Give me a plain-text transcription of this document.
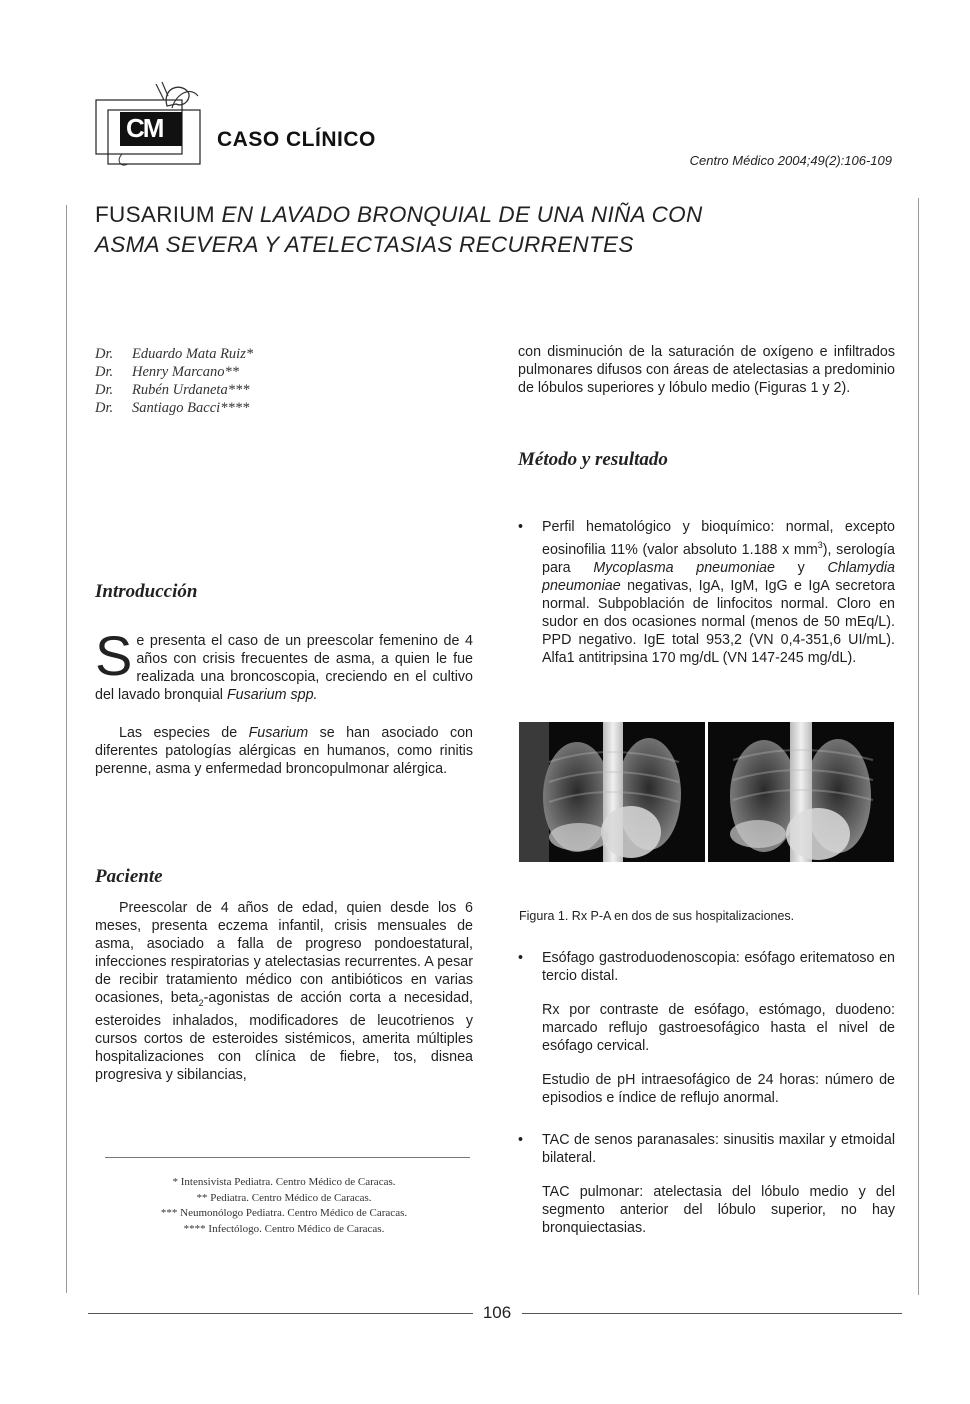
CM	CASO CLÍNICO
Centro Médico 2004;49(2):106-109
FUSARIUM EN LAVADO BRONQUIAL DE UNA NIÑA CON
ASMA SEVERA Y ATELECTASIAS RECURRENTES
Dr.	Eduardo Mata Ruiz*
Dr.	Henry Marcano**
Dr.	Rubén Urdaneta***
Dr.	Santiago Bacci****
Introducción

Se presenta el caso de un preescolar femenino de 4 años con crisis frecuentes de asma, a quien le fue realizada una broncoscopia, creciendo en el cultivo del lavado bronquial Fusarium spp.

Las especies de Fusarium se han asociado con diferentes patologías alérgicas en humanos, como rinitis perenne, asma y enfermedad broncopulmonar alérgica.

Paciente

Preescolar de 4 años de edad, quien desde los 6 meses, presenta eczema infantil, crisis mensuales de asma, asociado a falla de progreso pondoestatural, infecciones respiratorias y atelectasias recurrentes. A pesar de recibir tratamiento médico con antibióticos en varias ocasiones, beta$_2$-agonistas de acción corta a necesidad, esteroides inhalados, modificadores de leucotrienos y cursos cortos de esteroides sistémicos, amerita múltiples hospitalizaciones con clínica de fiebre, tos, disnea progresiva y sibilancias,

* Intensivista Pediatra. Centro Médico de Caracas.
** Pediatra. Centro Médico de Caracas.
*** Neumonólogo Pediatra. Centro Médico de Caracas.
**** Infectólogo. Centro Médico de Caracas.

con disminución de la saturación de oxígeno e infiltrados pulmonares difusos con áreas de atelectasias a predominio de lóbulos superiores y lóbulo medio (Figuras 1 y 2).

Método y resultado

• Perfil hematológico y bioquímico: normal, excepto eosinofilia 11% (valor absoluto 1.188 x $mm^3$), serología para Mycoplasma pneumoniae y Chlamydia pneumoniae negativas, IgA, IgM, IgG e IgA secretora normal. Subpoblación de linfocitos normal. Cloro en sudor en dos ocasiones normal (menos de 50 mEq/L). PPD negativo. IgE total 953,2 (VN 0,4-351,6 UI/mL). Alfa1 antitripsina 170 mg/dL (VN 147-245 mg/dL).

Figura 1. Rx P-A en dos de sus hospitalizaciones.

• Esófago gastroduodenoscopia: esófago eritematoso en tercio distal.

Rx por contraste de esófago, estómago, duodeno: marcado reflujo gastroesofágico hasta el nivel de esófago cervical.

Estudio de pH intraesofágico de 24 horas: número de episodios e índice de reflujo anormal.

• TAC de senos paranasales: sinusitis maxilar y etmoidal bilateral.

TAC pulmonar: atelectasia del lóbulo medio y del segmento anterior del lóbulo superior, no hay bronquiectasias.

106
